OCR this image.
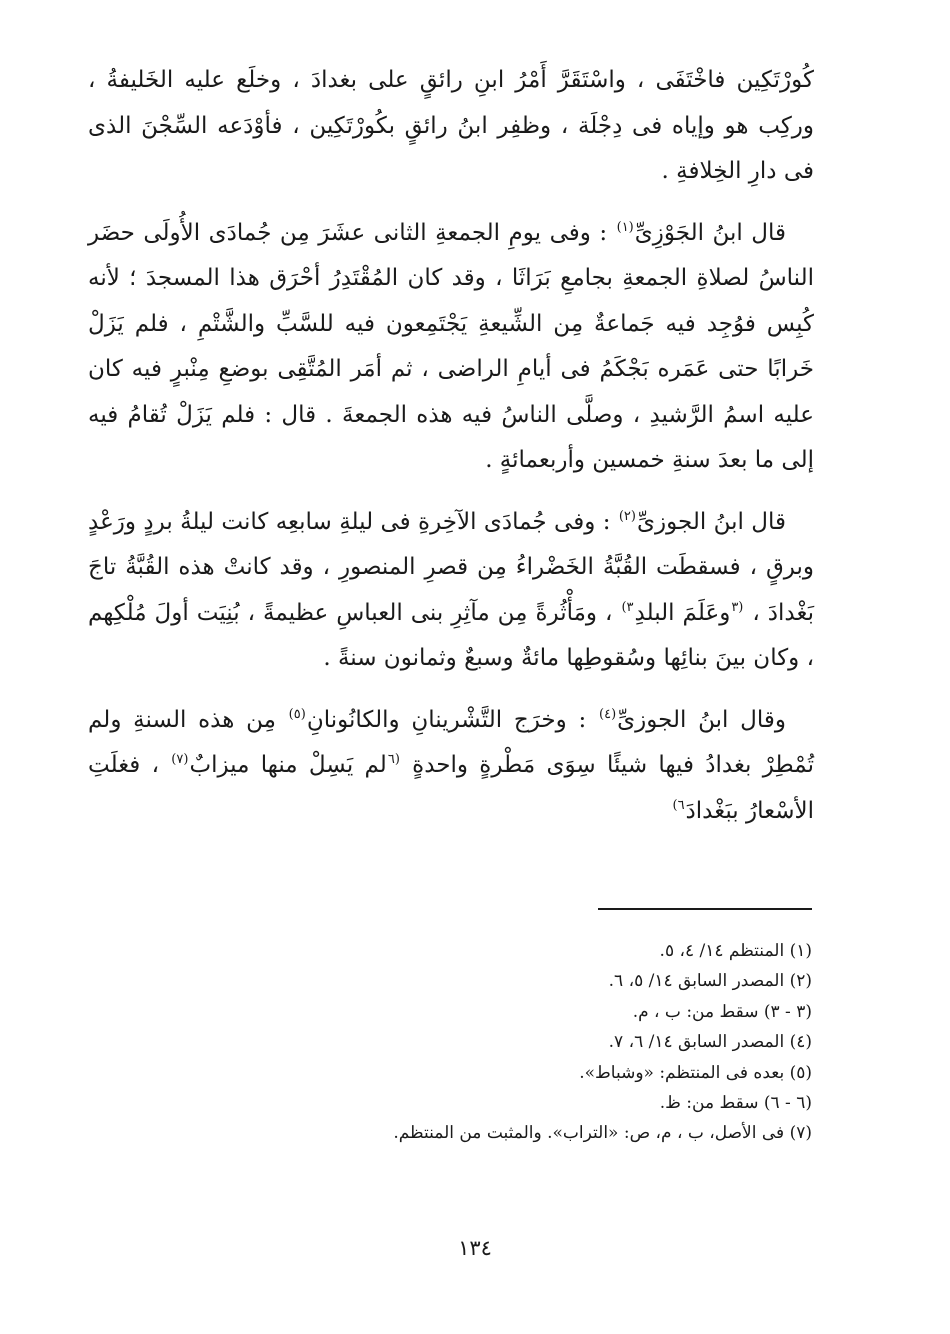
كُورْتَكِين فاخْتَفَى ، واسْتَقَرَّ أَمْرُ ابنِ رائقٍ على بغدادَ ، وخلَع عليه الخَليفةُ ، وركِب هو وإياه فى دِجْلَة ، وظفِر ابنُ رائقٍ بكُورْتَكِين ، فأوْدَعه السِّجْنَ الذى فى دارِ الخِلافةِ .

قال ابنُ الجَوْزِىِّ$^{(١)}$ : وفى يومِ الجمعةِ الثانى عشَرَ مِن جُمادَى الأُولَى حضَر الناسُ لصلاةِ الجمعةِ بجامعِ بَرَاثَا ، وقد كان المُقْتَدِرُ أحْرَق هذا المسجدَ ؛ لأنه كُبِس فوُجِد فيه جَماعةٌ مِن الشِّيعةِ يَجْتَمِعون فيه للسَّبِّ والشَّتْمِ ، فلم يَزَلْ خَرابًا حتى عَمَره بَجْكَمُ فى أيامِ الراضى ، ثم أمَر المُتَّقِى بوضعِ مِنْبرٍ فيه كان عليه اسمُ الرَّشيدِ ، وصلَّى الناسُ فيه هذه الجمعةَ . قال : فلم يَزَلْ تُقامُ فيه إلى ما بعدَ سنةِ خمسين وأربعمائةٍ .

قال ابنُ الجوزىِّ$^{(٢)}$ : وفى جُمادَى الآخِرةِ فى ليلةِ سابعِه كانت ليلةُ بردٍ ورَعْدٍ وبرقٍ ، فسقطَت القُبَّةُ الخَضْراءُ مِن قصرِ المنصورِ ، وقد كانتْ هذه القُبَّةُ تاجَ بَغْدادَ ، $^{(٣}$وعَلَمَ البلدِ$^{٣)}$ ، ومَأْثُرةً مِن مآثِرِ بنى العباسِ عظيمةً ، بُنِيَت أولَ مُلْكِهم ، وكان بينَ بنائِها وسُقوطِها مائةٌ وسبعٌ وثمانون سنةً .

وقال ابنُ الجوزىِّ$^{(٤)}$ : وخرَج التَّشْرينانِ والكانُونانِ$^{(٥)}$ مِن هذه السنةِ ولم تُمْطِرْ بغدادُ فيها شيئًا سِوَى مَطْرةٍ واحدةٍ $^{(٦}$لم يَسِلْ منها ميزابٌ$^{(٧)}$ ، فغلَتِ الأسْعارُ ببَغْدادَ$^{٦)}$

(١) المنتظم ١٤/ ٤، ٥.
(٢) المصدر السابق ١٤/ ٥، ٦.
(٣ - ٣) سقط من: ب ، م.
(٤) المصدر السابق ١٤/ ٦، ٧.
(٥) بعده فى المنتظم: «وشباط».
(٦ - ٦) سقط من: ظ.
(٧) فى الأصل، ب ، م، ص: «التراب». والمثبت من المنتظم.
١٣٤
